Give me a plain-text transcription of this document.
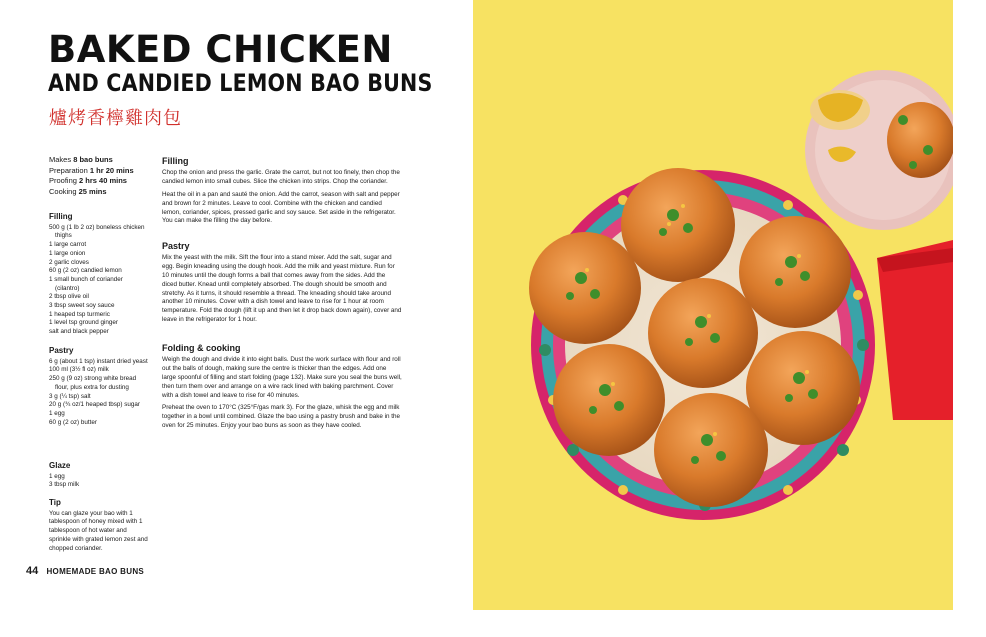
BAKED CHICKEN
AND CANDIED LEMON BAO BUNS
爐烤香檸雞肉包
Makes 8 bao buns
Preparation 1 hr 20 mins
Proofing 2 hrs 40 mins
Cooking 25 mins
Filling
500 g (1 lb 2 oz) boneless chicken thighs
1 large carrot
1 large onion
2 garlic cloves
60 g (2 oz) candied lemon
1 small bunch of coriander (cilantro)
2 tbsp olive oil
3 tbsp sweet soy sauce
1 heaped tsp turmeric
1 level tsp ground ginger
salt and black pepper
Pastry
6 g (about 1 tsp) instant dried yeast
100 ml (3½ fl oz) milk
250 g (9 oz) strong white bread flour, plus extra for dusting
3 g (¼ tsp) salt
20 g (¾ oz/1 heaped tbsp) sugar
1 egg
60 g (2 oz) butter
Glaze
1 egg
3 tbsp milk
Tip
You can glaze your bao with 1 tablespoon of honey mixed with 1 tablespoon of hot water and sprinkle with grated lemon zest and chopped coriander.
Filling

Chop the onion and press the garlic. Grate the carrot, but not too finely, then chop the candied lemon into small cubes. Slice the chicken into strips. Chop the coriander.

Heat the oil in a pan and sauté the onion. Add the carrot, season with salt and pepper and brown for 2 minutes. Leave to cool. Combine with the chicken and candied lemon, coriander, spices, pressed garlic and soy sauce. Set aside in the refrigerator. You can make the filling the day before.

Pastry

Mix the yeast with the milk. Sift the flour into a stand mixer. Add the salt, sugar and egg. Begin kneading using the dough hook. Add the milk and yeast mixture. Run for 10 minutes until the dough forms a ball that comes away from the sides. Add the diced butter. Knead until completely absorbed. The dough should be smooth and stretchy. As it turns, it should resemble a thread. The kneading should take around another 10 minutes. Cover with a dish towel and leave to rise for 1 hour at room temperature. Fold the dough (lift it up and then let it drop back down again), cover and leave in the refrigerator for 1 hour.

Folding & cooking

Weigh the dough and divide it into eight balls. Dust the work surface with flour and roll out the balls of dough, making sure the centre is thicker than the edges. Add one large spoonful of filling and start folding (page 132). Make sure you seal the buns well, then turn them over and arrange on a wire rack lined with baking parchment. Cover with a dish towel and leave to rise for 40 minutes.

Preheat the oven to 170°C (325°F/gas mark 3). For the glaze, whisk the egg and milk together in a bowl until combined. Glaze the bao using a pastry brush and bake in the oven for 25 minutes. Enjoy your bao buns as soon as they have cooled.

44 HOMEMADE BAO BUNS
